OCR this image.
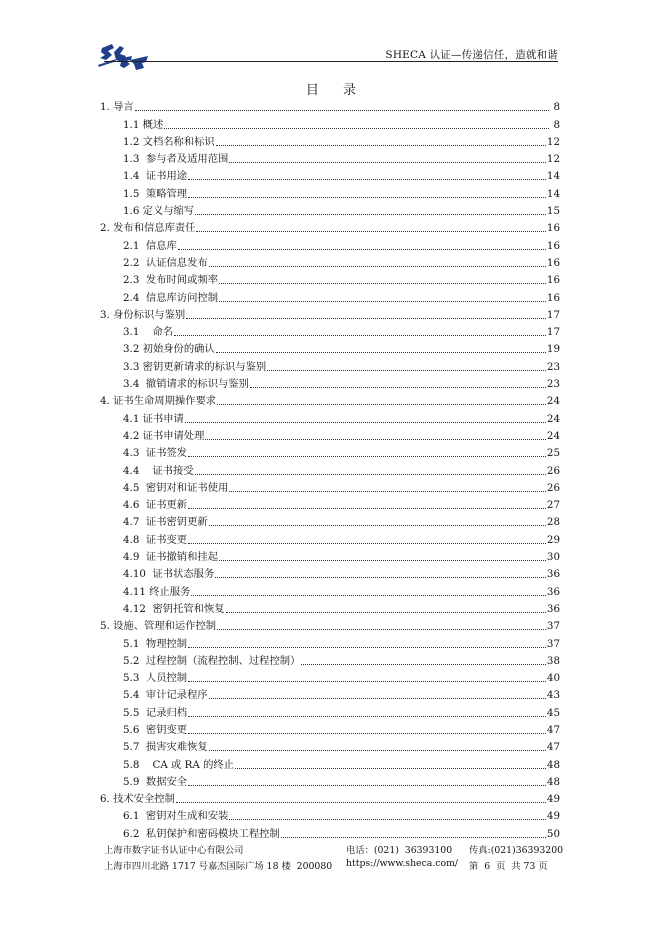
SHECA 认证—传递信任，造就和谐
目 录
1. 导言	8
1.1 概述	8
1.2 文档名称和标识	12
1.3  参与者及适用范围	12
1.4  证书用途	14
1.5  策略管理	14
1.6 定义与缩写	15
2. 发布和信息库责任	16
2.1  信息库	16
2.2  认证信息发布	16
2.3  发布时间或频率	16
2.4  信息库访问控制	16
3. 身份标识与鉴别	17
3.1    命名	17
3.2 初始身份的确认	19
3.3 密钥更新请求的标识与鉴别	23
3.4  撤销请求的标识与鉴别	23
4. 证书生命周期操作要求	24
4.1 证书申请	24
4.2 证书申请处理	24
4.3  证书签发	25
4.4    证书接受	26
4.5  密钥对和证书使用	26
4.6  证书更新	27
4.7  证书密钥更新	28
4.8  证书变更	29
4.9  证书撤销和挂起	30
4.10  证书状态服务	36
4.11 终止服务	36
4.12  密钥托管和恢复	36
5. 设施、管理和运作控制	37
5.1  物理控制	37
5.2  过程控制（流程控制、过程控制）	38
5.3  人员控制	40
5.4  审计记录程序	43
5.5  记录归档	45
5.6  密钥变更	47
5.7  损害灾难恢复	47
5.8    CA 或 RA 的终止	48
5.9  数据安全	48
6. 技术安全控制	49
6.1  密钥对生成和安装	49
6.2  私钥保护和密码模块工程控制	50
上海市数字证书认证中心有限公司	电话：(021)  36393100 传真:(021)36393200
上海市四川北路 1717 号嘉杰国际广场 18 楼  200080 https://www.sheca.com/ 第  6  页  共 73 页
